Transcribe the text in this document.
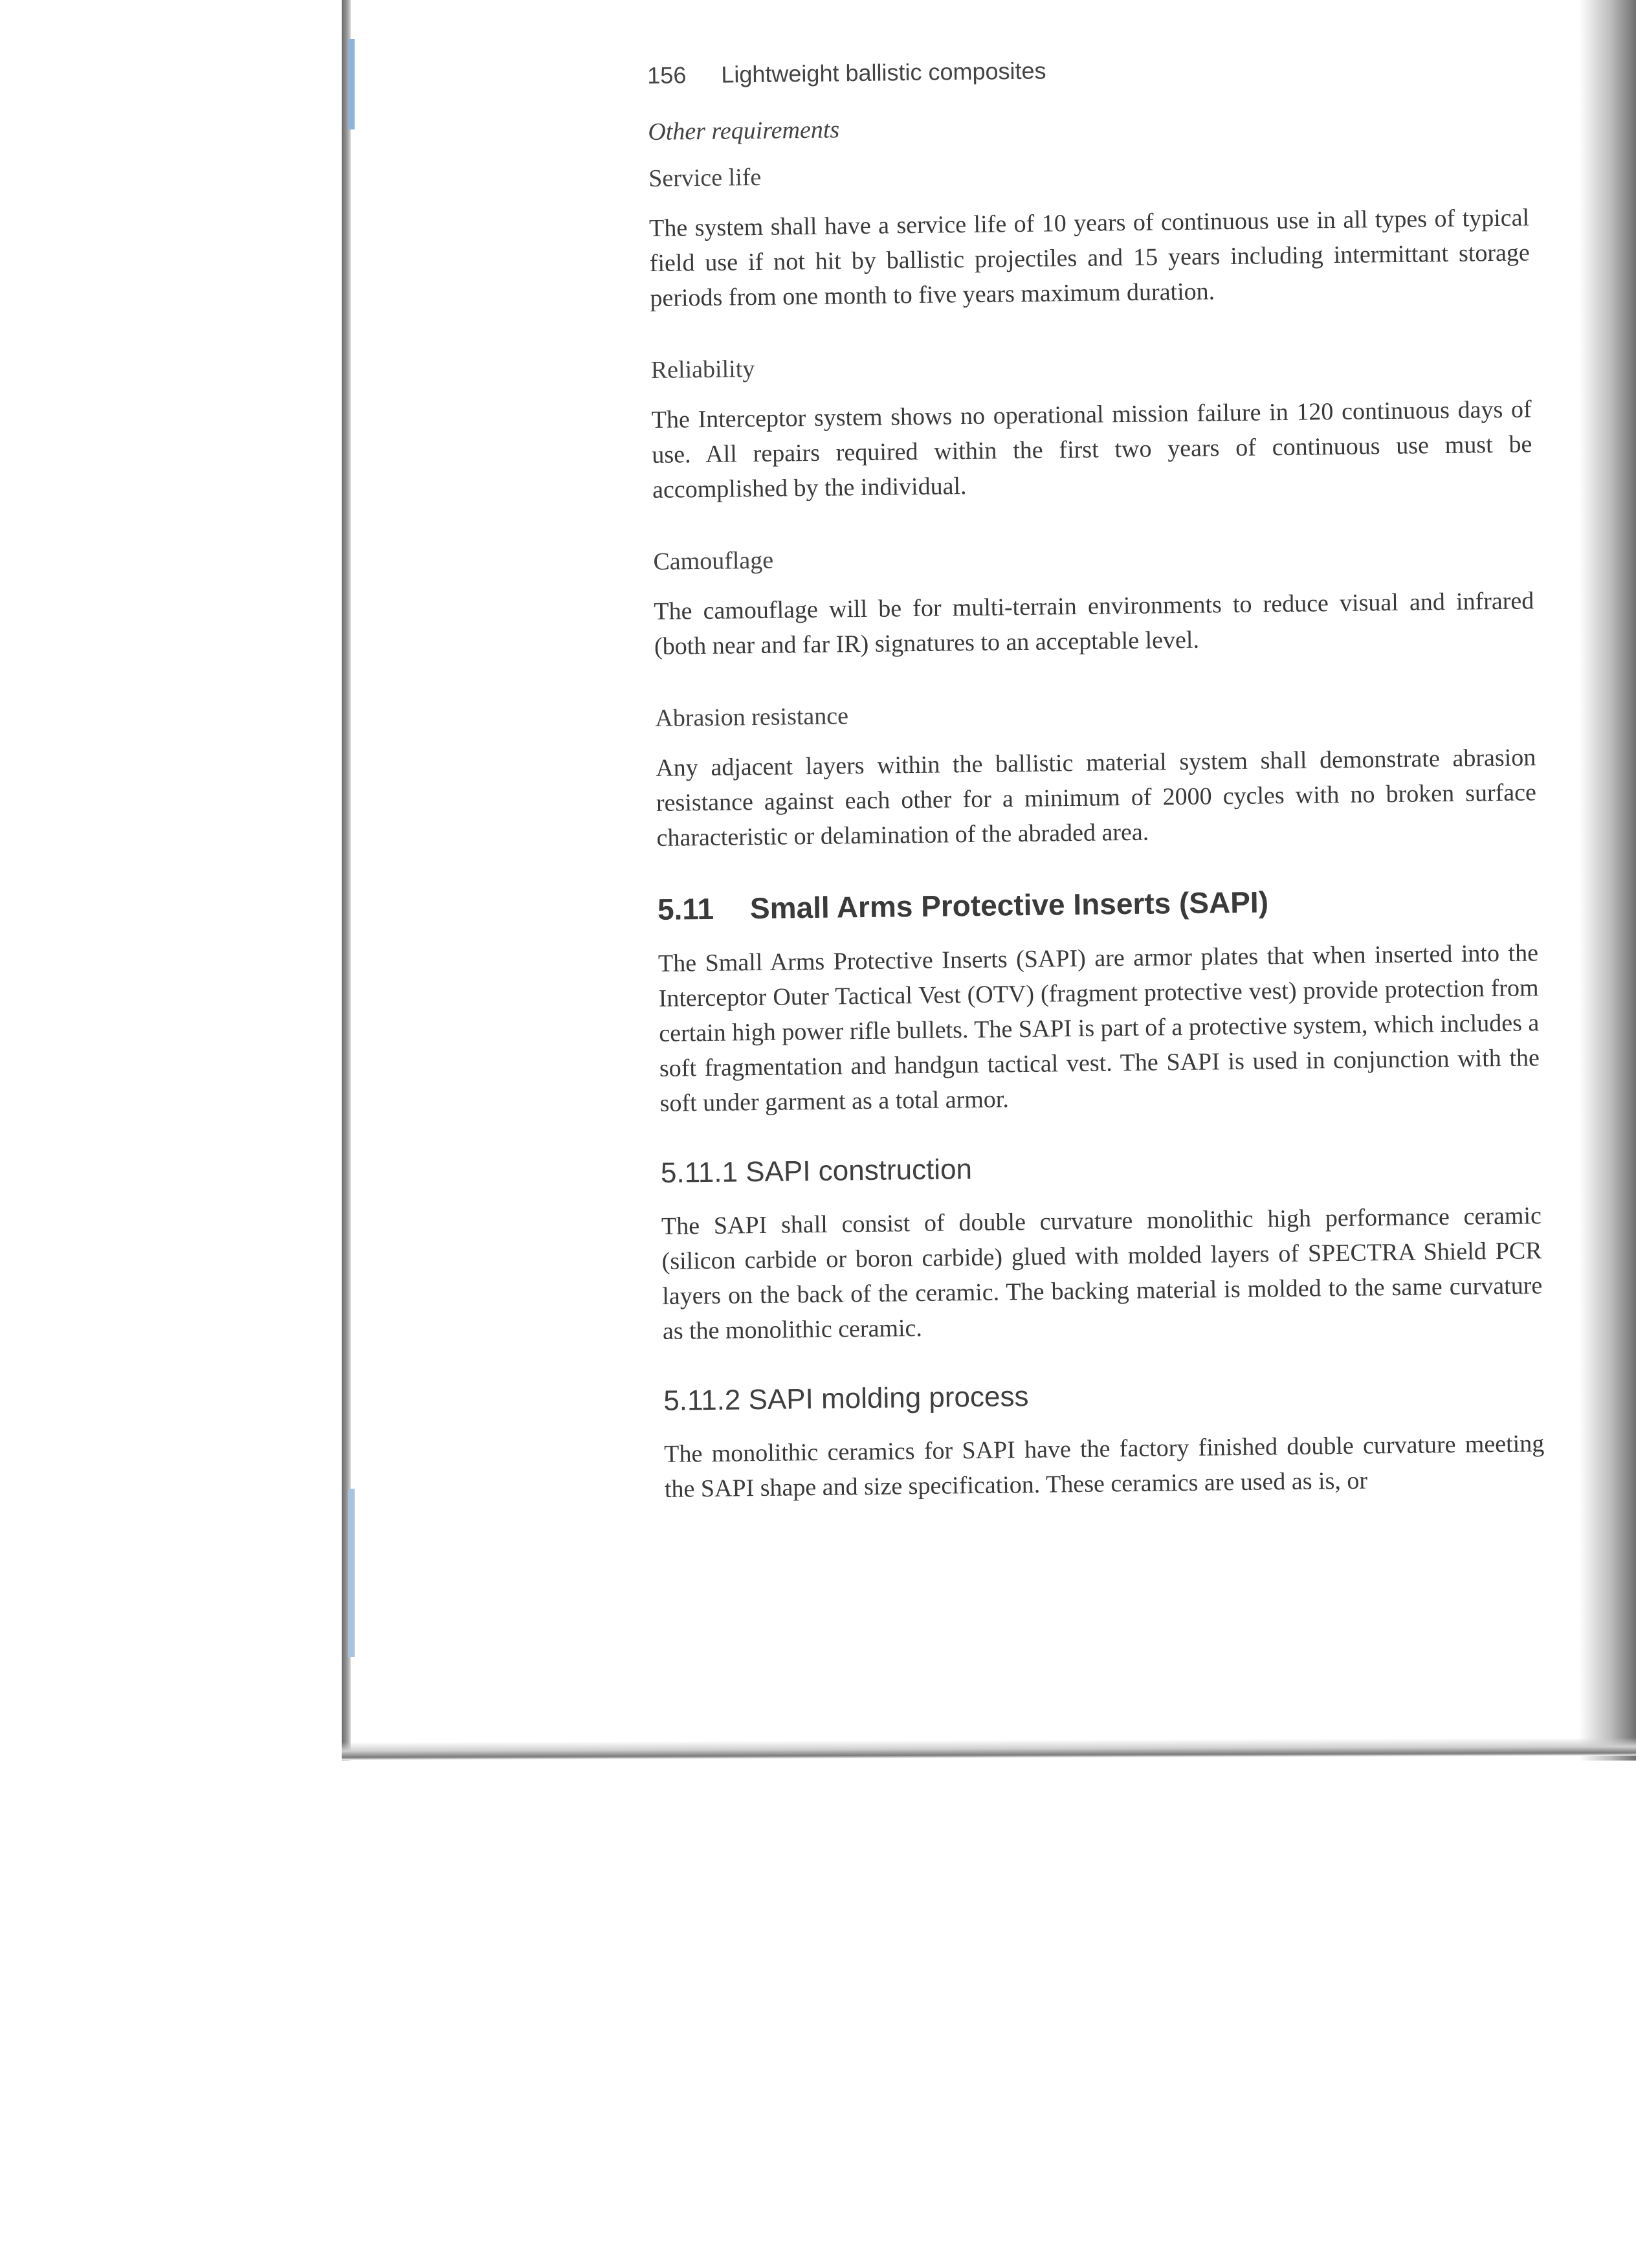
156 Lightweight ballistic composites
Other requirements
Service life

The system shall have a service life of 10 years of continuous use in all types of typical field use if not hit by ballistic projectiles and 15 years including intermittant storage periods from one month to five years maximum duration.

Reliability

The Interceptor system shows no operational mission failure in 120 continuous days of use. All repairs required within the first two years of continuous use must be accomplished by the individual.

Camouflage

The camouflage will be for multi-terrain environments to reduce visual and infrared (both near and far IR) signatures to an acceptable level.

Abrasion resistance

Any adjacent layers within the ballistic material system shall demonstrate abrasion resistance against each other for a minimum of 2000 cycles with no broken surface characteristic or delamination of the abraded area.

5.11 Small Arms Protective Inserts (SAPI)

The Small Arms Protective Inserts (SAPI) are armor plates that when inserted into the Interceptor Outer Tactical Vest (OTV) (fragment protective vest) provide protection from certain high power rifle bullets. The SAPI is part of a protective system, which includes a soft fragmentation and handgun tactical vest. The SAPI is used in conjunction with the soft under garment as a total armor.

5.11.1 SAPI construction

The SAPI shall consist of double curvature monolithic high performance ceramic (silicon carbide or boron carbide) glued with molded layers of SPECTRA Shield PCR layers on the back of the ceramic. The backing material is molded to the same curvature as the monolithic ceramic.

5.11.2 SAPI molding process

The monolithic ceramics for SAPI have the factory finished double curvature meeting the SAPI shape and size specification. These ceramics are used as is, or
